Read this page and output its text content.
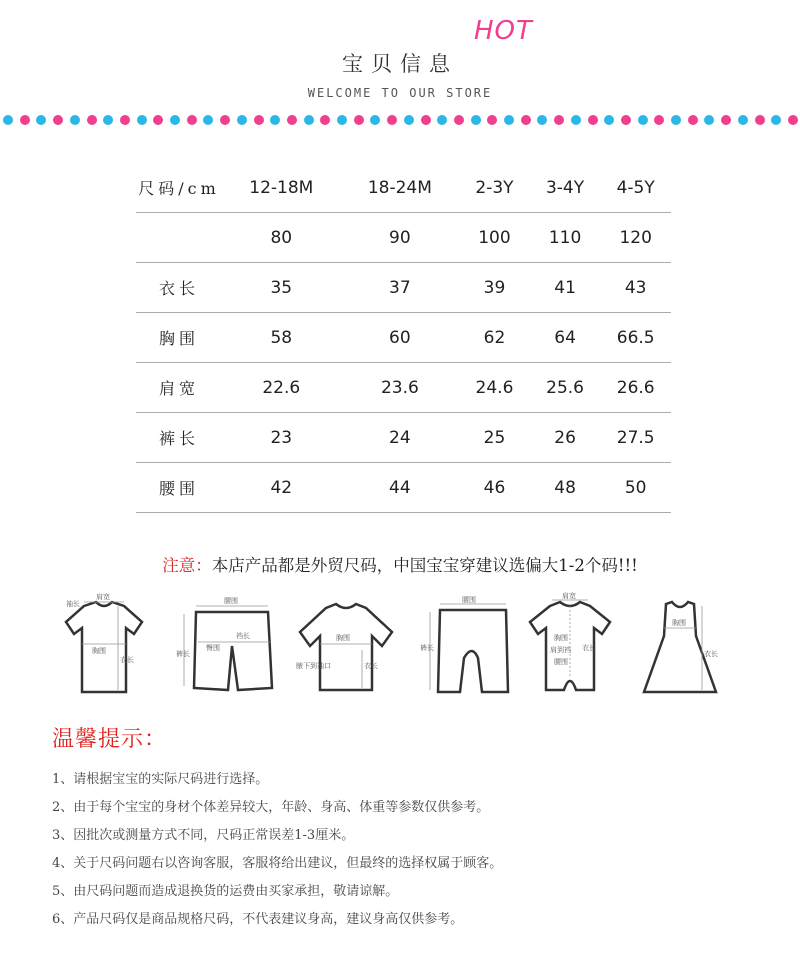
宝贝信息
HOT
WELCOME TO OUR STORE
尺码/cm	12-18M	18-24M	2-3Y	3-4Y	4-5Y
	80	90	100	110	120
衣长	35	37	39	41	43
胸围	58	60	62	64	66.5
肩宽	22.6	23.6	24.6	25.6	26.6
裤长	23	24	25	26	27.5
腰围	42	44	46	48	50
注意：本店产品都是外贸尺码，中国宝宝穿建议选偏大1-2个码!!!
袖长
肩宽
胸围
衣长
腰围
臀围
裤长
裆长	胸围
衣长
腋下到袖口
腰围
裤长
肩宽
胸围
衣长
腰围
肩到裆
胸围
衣长
温馨提示：
1、请根据宝宝的实际尺码进行选择。
2、由于每个宝宝的身材个体差异较大，年龄、身高、体重等参数仅供参考。
3、因批次或测量方式不同，尺码正常误差1-3厘米。
4、关于尺码问题右以咨询客服，客服将给出建议，但最终的选择权属于顾客。
5、由尺码问题而造成退换货的运费由买家承担，敬请谅解。
6、产品尺码仅是商品规格尺码，不代表建议身高，建议身高仅供参考。
